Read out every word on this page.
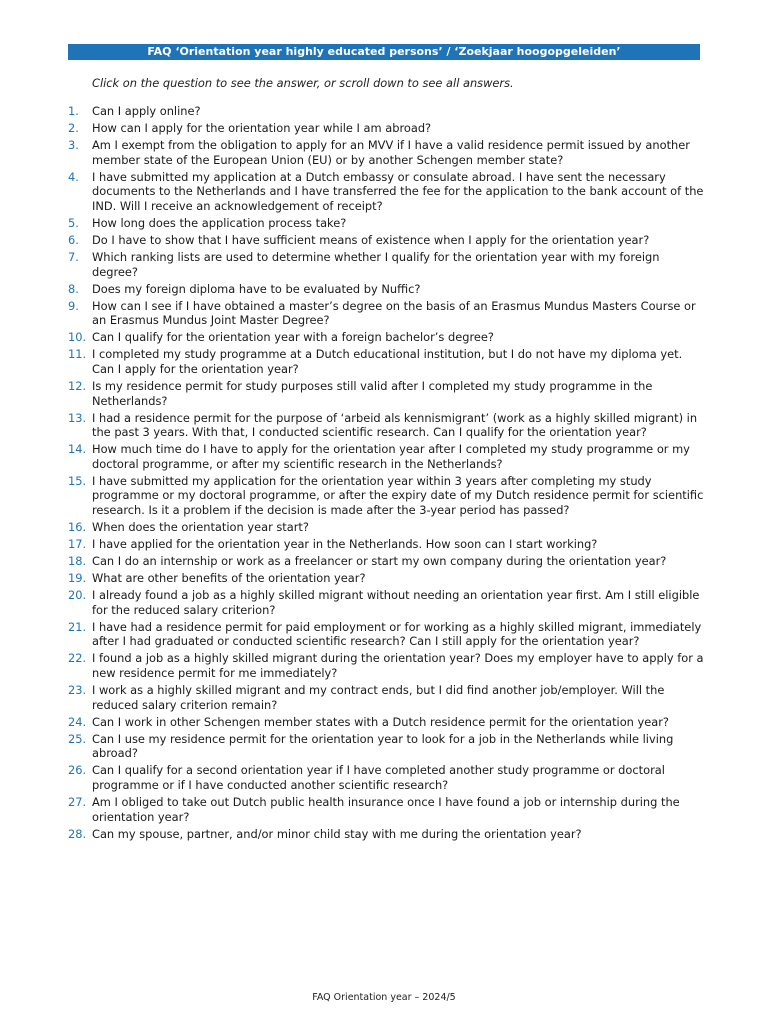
FAQ ‘Orientation year highly educated persons’ / ‘Zoekjaar hoogopgeleiden’
Click on the question to see the answer, or scroll down to see all answers.
1.	Can I apply online?
2.	How can I apply for the orientation year while I am abroad?
3.	Am I exempt from the obligation to apply for an MVV if I have a valid residence permit issued by another member state of the European Union (EU) or by another Schengen member state?
4.	I have submitted my application at a Dutch embassy or consulate abroad. I have sent the necessary documents to the Netherlands and I have transferred the fee for the application to the bank account of the IND. Will I receive an acknowledgement of receipt?
5.	How long does the application process take?
6.	Do I have to show that I have sufficient means of existence when I apply for the orientation year?
7.	Which ranking lists are used to determine whether I qualify for the orientation year with my foreign degree?
8.	Does my foreign diploma have to be evaluated by Nuffic?
9.	How can I see if I have obtained a master’s degree on the basis of an Erasmus Mundus Masters Course or an Erasmus Mundus Joint Master Degree?
10. Can I qualify for the orientation year with a foreign bachelor’s degree?
11. I completed my study programme at a Dutch educational institution, but I do not have my diploma yet. Can I apply for the orientation year?
12. Is my residence permit for study purposes still valid after I completed my study programme in the Netherlands?
13. I had a residence permit for the purpose of ‘arbeid als kennismigrant’ (work as a highly skilled migrant) in the past 3 years. With that, I conducted scientific research. Can I qualify for the orientation year?
14. How much time do I have to apply for the orientation year after I completed my study programme or my doctoral programme, or after my scientific research in the Netherlands?
15. I have submitted my application for the orientation year within 3 years after completing my study programme or my doctoral programme, or after the expiry date of my Dutch residence permit for scientific research. Is it a problem if the decision is made after the 3-year period has passed?
16. When does the orientation year start?
17. I have applied for the orientation year in the Netherlands. How soon can I start working?
18. Can I do an internship or work as a freelancer or start my own company during the orientation year?
19. What are other benefits of the orientation year?
20. I already found a job as a highly skilled migrant without needing an orientation year first. Am I still eligible for the reduced salary criterion?
21. I have had a residence permit for paid employment or for working as a highly skilled migrant, immediately after I had graduated or conducted scientific research? Can I still apply for the orientation year?
22. I found a job as a highly skilled migrant during the orientation year? Does my employer have to apply for a new residence permit for me immediately?
23. I work as a highly skilled migrant and my contract ends, but I did find another job/employer. Will the reduced salary criterion remain?
24. Can I work in other Schengen member states with a Dutch residence permit for the orientation year?
25. Can I use my residence permit for the orientation year to look for a job in the Netherlands while living abroad?
26. Can I qualify for a second orientation year if I have completed another study programme or doctoral programme or if I have conducted another scientific research?
27. Am I obliged to take out Dutch public health insurance once I have found a job or internship during the orientation year?
28. Can my spouse, partner, and/or minor child stay with me during the orientation year?
FAQ Orientation year – 2024/5
